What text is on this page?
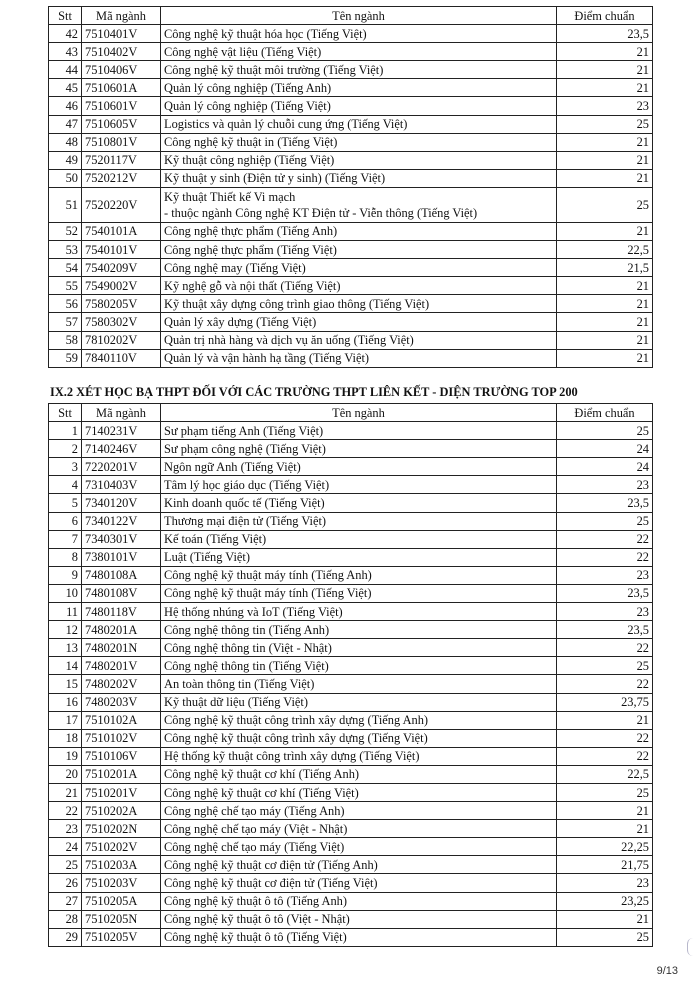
Stt	Mã ngành	Tên ngành	Điểm chuẩn
42	7510401V	Công nghệ kỹ thuật hóa học (Tiếng Việt)	23,5
43	7510402V	Công nghệ vật liệu (Tiếng Việt)	21
44	7510406V	Công nghệ kỹ thuật môi trường (Tiếng Việt)	21
45	7510601A	Quản lý công nghiệp (Tiếng Anh)	21
46	7510601V	Quản lý công nghiệp (Tiếng Việt)	23
47	7510605V	Logistics và quản lý chuỗi cung ứng (Tiếng Việt)	25
48	7510801V	Công nghệ kỹ thuật in (Tiếng Việt)	21
49	7520117V	Kỹ thuật công nghiệp (Tiếng Việt)	21
50	7520212V	Kỹ thuật y sinh (Điện tử y sinh) (Tiếng Việt)	21
51	7520220V	Kỹ thuật Thiết kế Vi mạch
- thuộc ngành Công nghệ KT Điện tử - Viễn thông (Tiếng Việt)	25
52	7540101A	Công nghệ thực phẩm (Tiếng Anh)	21
53	7540101V	Công nghệ thực phẩm (Tiếng Việt)	22,5
54	7540209V	Công nghệ may (Tiếng Việt)	21,5
55	7549002V	Kỹ nghệ gỗ và nội thất (Tiếng Việt)	21
56	7580205V	Kỹ thuật xây dựng công trình giao thông (Tiếng Việt)	21
57	7580302V	Quản lý xây dựng (Tiếng Việt)	21
58	7810202V	Quản trị nhà hàng và dịch vụ ăn uống (Tiếng Việt)	21
59	7840110V	Quản lý và vận hành hạ tầng (Tiếng Việt)	21
IX.2 XÉT HỌC BẠ THPT ĐỐI VỚI CÁC TRƯỜNG THPT LIÊN KẾT - DIỆN TRƯỜNG TOP 200
Stt	Mã ngành	Tên ngành	Điểm chuẩn
1	7140231V	Sư phạm tiếng Anh (Tiếng Việt)	25
2	7140246V	Sư phạm công nghệ (Tiếng Việt)	24
3	7220201V	Ngôn ngữ Anh (Tiếng Việt)	24
4	7310403V	Tâm lý học giáo dục (Tiếng Việt)	23
5	7340120V	Kinh doanh quốc tế (Tiếng Việt)	23,5
6	7340122V	Thương mại điện tử (Tiếng Việt)	25
7	7340301V	Kế toán (Tiếng Việt)	22
8	7380101V	Luật (Tiếng Việt)	22
9	7480108A	Công nghệ kỹ thuật máy tính (Tiếng Anh)	23
10	7480108V	Công nghệ kỹ thuật máy tính (Tiếng Việt)	23,5
11	7480118V	Hệ thống nhúng và IoT (Tiếng Việt)	23
12	7480201A	Công nghệ thông tin (Tiếng Anh)	23,5
13	7480201N	Công nghệ thông tin (Việt - Nhật)	22
14	7480201V	Công nghệ thông tin (Tiếng Việt)	25
15	7480202V	An toàn thông tin (Tiếng Việt)	22
16	7480203V	Kỹ thuật dữ liệu (Tiếng Việt)	23,75
17	7510102A	Công nghệ kỹ thuật công trình xây dựng (Tiếng Anh)	21
18	7510102V	Công nghệ kỹ thuật công trình xây dựng (Tiếng Việt)	22
19	7510106V	Hệ thống kỹ thuật công trình xây dựng (Tiếng Việt)	22
20	7510201A	Công nghệ kỹ thuật cơ khí (Tiếng Anh)	22,5
21	7510201V	Công nghệ kỹ thuật cơ khí (Tiếng Việt)	25
22	7510202A	Công nghệ chế tạo máy (Tiếng Anh)	21
23	7510202N	Công nghệ chế tạo máy (Việt - Nhật)	21
24	7510202V	Công nghệ chế tạo máy (Tiếng Việt)	22,25
25	7510203A	Công nghệ kỹ thuật cơ điện tử (Tiếng Anh)	21,75
26	7510203V	Công nghệ kỹ thuật cơ điện tử (Tiếng Việt)	23
27	7510205A	Công nghệ kỹ thuật ô tô (Tiếng Anh)	23,25
28	7510205N	Công nghệ kỹ thuật ô tô (Việt - Nhật)	21
29	7510205V	Công nghệ kỹ thuật ô tô (Tiếng Việt)	25
9/13
